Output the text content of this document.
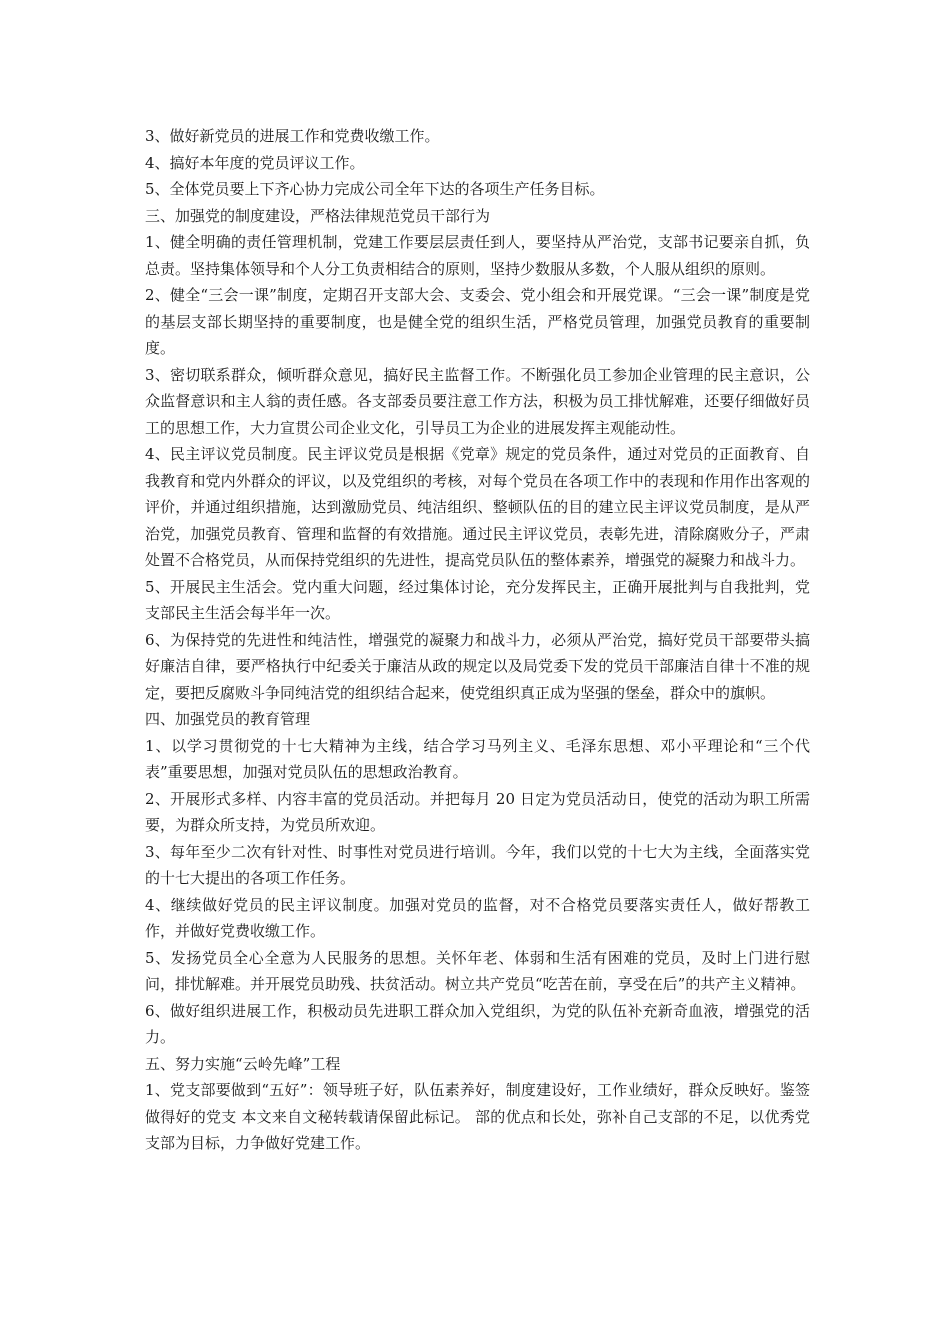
3、做好新党员的进展工作和党费收缴工作。

4、搞好本年度的党员评议工作。

5、全体党员要上下齐心协力完成公司全年下达的各项生产任务目标。

三、加强党的制度建设，严格法律规范党员干部行为

1、健全明确的责任管理机制，党建工作要层层责任到人，要坚持从严治党，支部书记要亲自抓，负总责。坚持集体领导和个人分工负责相结合的原则，坚持少数服从多数，个人服从组织的原则。

2、健全“三会一课”制度，定期召开支部大会、支委会、党小组会和开展党课。“三会一课”制度是党的基层支部长期坚持的重要制度，也是健全党的组织生活，严格党员管理，加强党员教育的重要制度。

3、密切联系群众，倾听群众意见，搞好民主监督工作。不断强化员工参加企业管理的民主意识，公众监督意识和主人翁的责任感。各支部委员要注意工作方法，积极为员工排忧解难，还要仔细做好员工的思想工作，大力宣贯公司企业文化，引导员工为企业的进展发挥主观能动性。

4、民主评议党员制度。民主评议党员是根据《党章》规定的党员条件，通过对党员的正面教育、自我教育和党内外群众的评议，以及党组织的考核，对每个党员在各项工作中的表现和作用作出客观的评价，并通过组织措施，达到激励党员、纯洁组织、整顿队伍的目的建立民主评议党员制度，是从严治党，加强党员教育、管理和监督的有效措施。通过民主评议党员，表彰先进，清除腐败分子，严肃处置不合格党员，从而保持党组织的先进性，提高党员队伍的整体素养，增强党的凝聚力和战斗力。

5、开展民主生活会。党内重大问题，经过集体讨论，充分发挥民主，正确开展批判与自我批判，党支部民主生活会每半年一次。

6、为保持党的先进性和纯洁性，增强党的凝聚力和战斗力，必须从严治党，搞好党员干部要带头搞好廉洁自律，要严格执行中纪委关于廉洁从政的规定以及局党委下发的党员干部廉洁自律十不准的规定，要把反腐败斗争同纯洁党的组织结合起来，使党组织真正成为坚强的堡垒，群众中的旗帜。

四、加强党员的教育管理

1、以学习贯彻党的十七大精神为主线，结合学习马列主义、毛泽东思想、邓小平理论和“三个代表”重要思想，加强对党员队伍的思想政治教育。

2、开展形式多样、内容丰富的党员活动。并把每月 20 日定为党员活动日，使党的活动为职工所需要，为群众所支持，为党员所欢迎。

3、每年至少二次有针对性、时事性对党员进行培训。今年，我们以党的十七大为主线，全面落实党的十七大提出的各项工作任务。

4、继续做好党员的民主评议制度。加强对党员的监督，对不合格党员要落实责任人，做好帮教工作，并做好党费收缴工作。

5、发扬党员全心全意为人民服务的思想。关怀年老、体弱和生活有困难的党员，及时上门进行慰问，排忧解难。并开展党员助残、扶贫活动。树立共产党员“吃苦在前，享受在后”的共产主义精神。

6、做好组织进展工作，积极动员先进职工群众加入党组织，为党的队伍补充新奇血液，增强党的活力。

五、努力实施“云岭先峰”工程

1、党支部要做到“五好”：领导班子好，队伍素养好，制度建设好，工作业绩好，群众反映好。鉴签做得好的党支 本文来自文秘转载请保留此标记。 部的优点和长处，弥补自己支部的不足，以优秀党支部为目标，力争做好党建工作。
